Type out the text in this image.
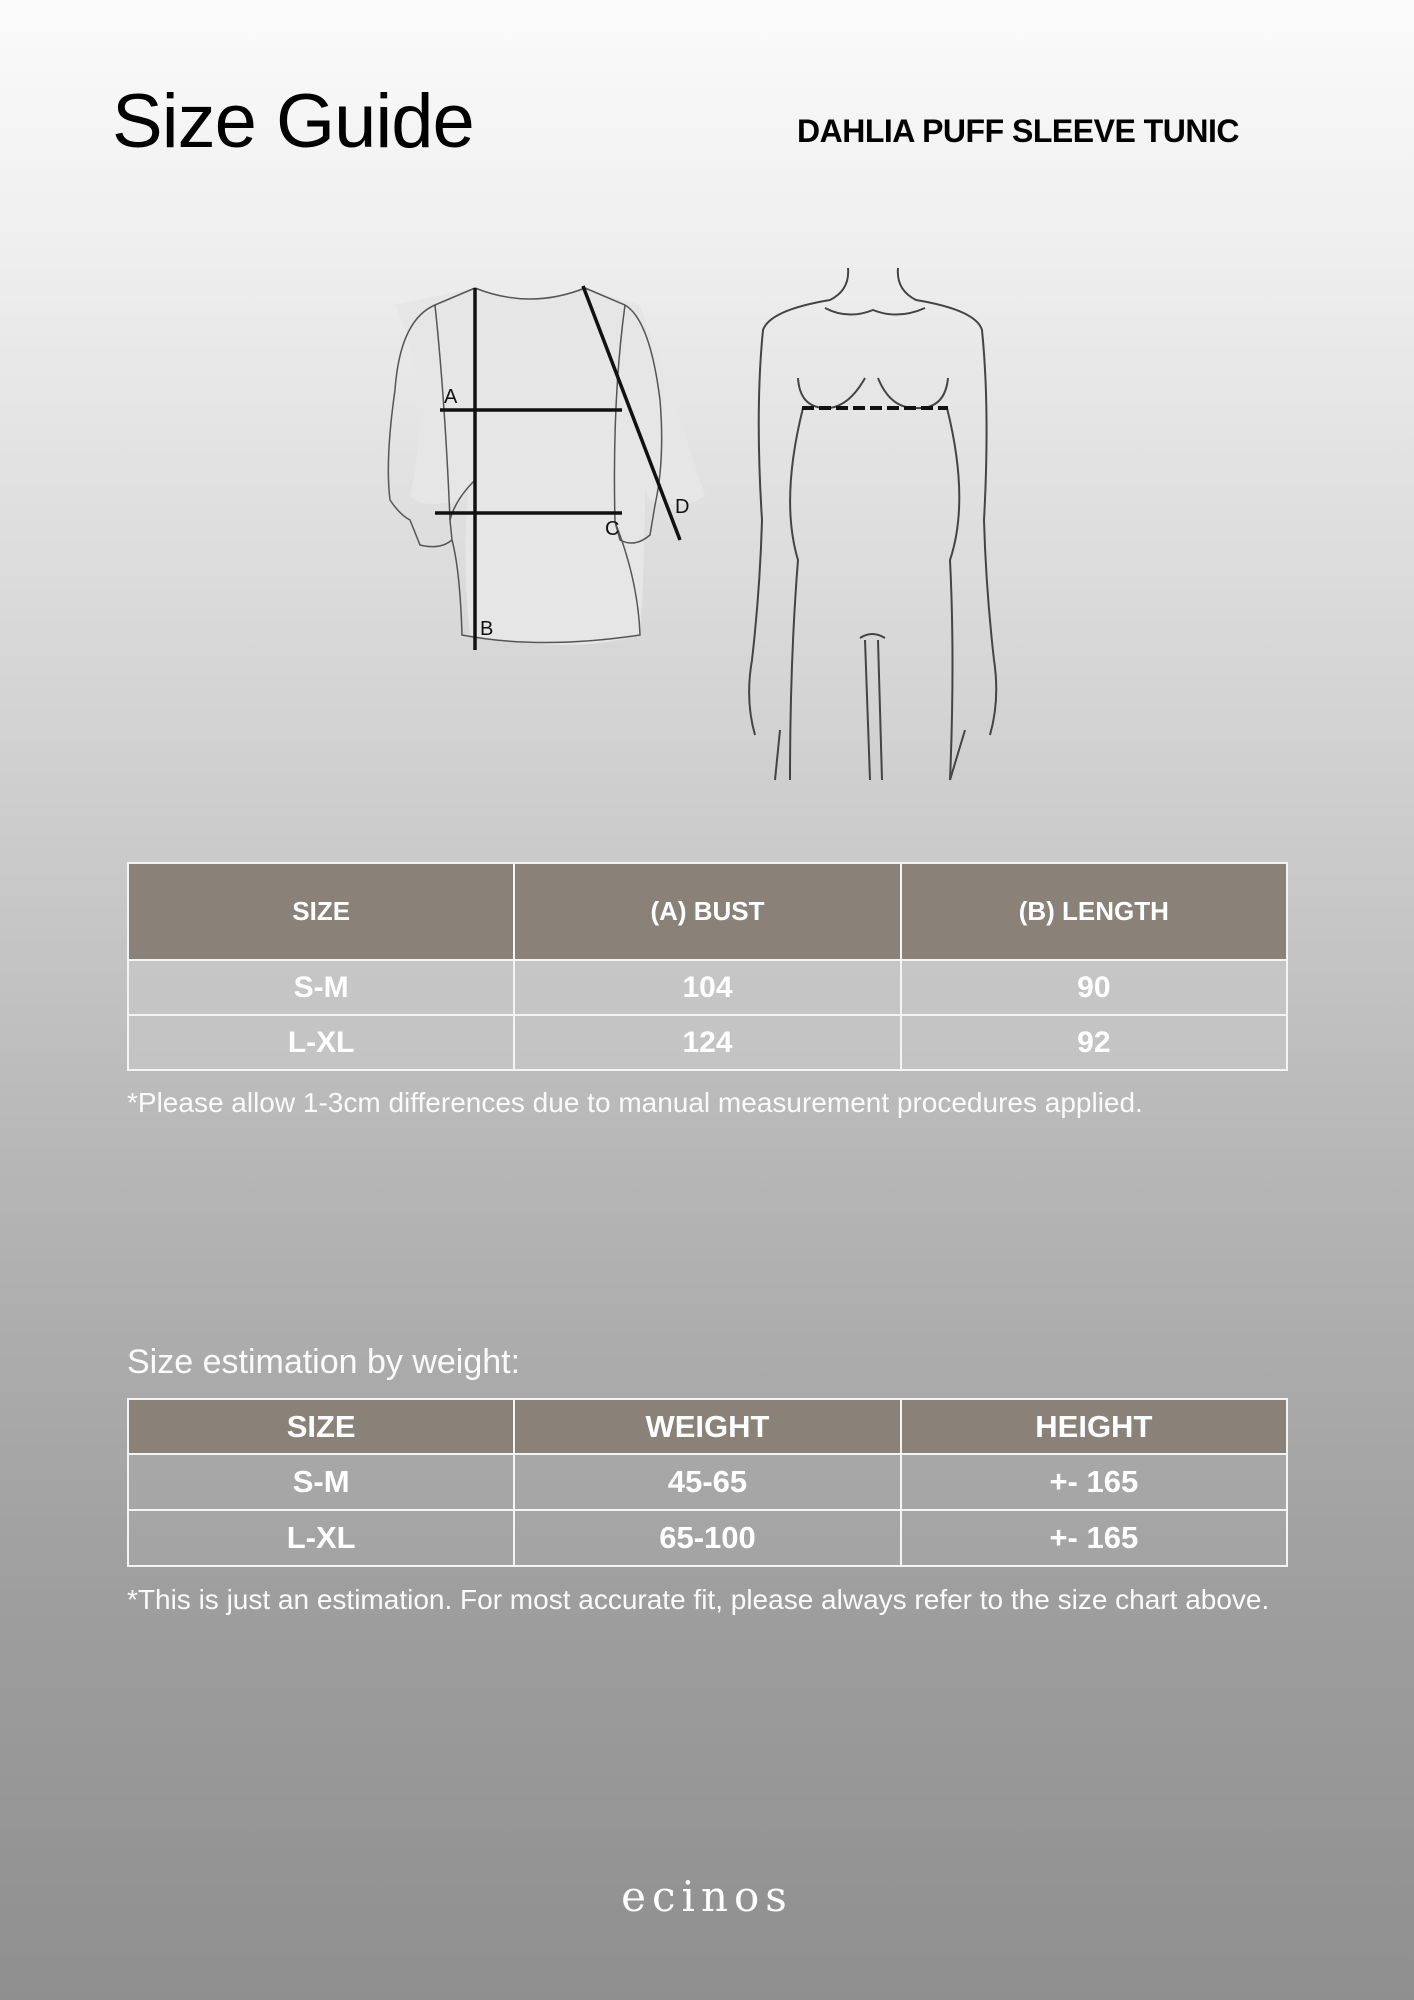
Size Guide	DAHLIA PUFF SLEEVE TUNIC
A
B
C
D
SIZE	(A) BUST	(B) LENGTH
S-M	104	90
L-XL	124	92
*Please allow 1-3cm differences due to manual measurement procedures applied.
Size estimation by weight:
SIZE	WEIGHT	HEIGHT
S-M	45-65	+- 165
L-XL	65-100	+- 165
*This is just an estimation. For most accurate fit, please always refer to the size chart above.
ecinos
